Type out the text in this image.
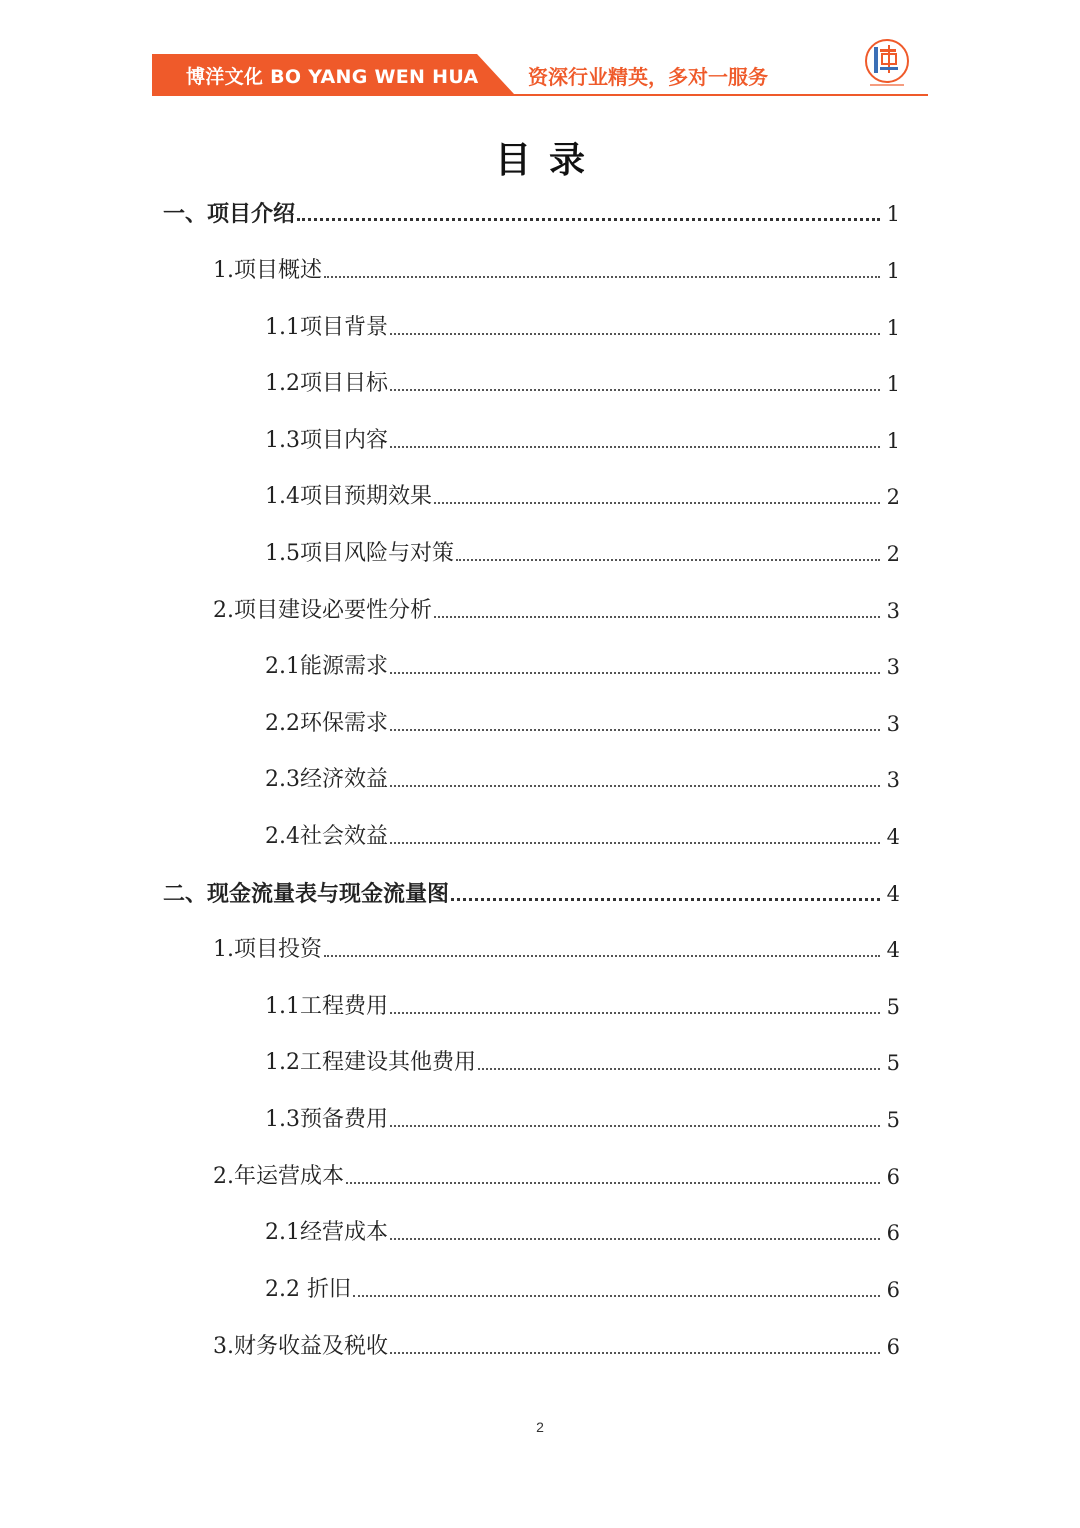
博洋文化 BO YANG WEN HUA 资深行业精英，多对一服务
目录
一、项目介绍	1
1.项目概述	1
1.1项目背景	1
1.2项目目标	1
1.3项目内容	1
1.4项目预期效果	2
1.5项目风险与对策	2
2.项目建设必要性分析	3
2.1能源需求	3
2.2环保需求	3
2.3经济效益	3
2.4社会效益	4
二、现金流量表与现金流量图	4
1.项目投资	4
1.1工程费用	5
1.2工程建设其他费用	5
1.3预备费用	5
2.年运营成本	6
2.1经营成本	6
2.2 折旧	6
3.财务收益及税收	6
2
